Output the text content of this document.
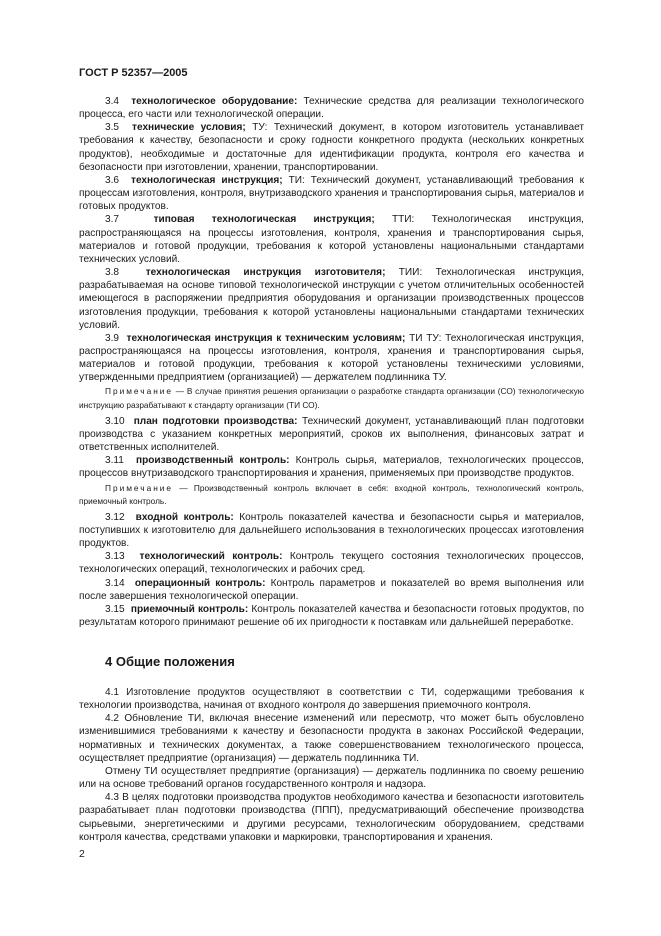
ГОСТ Р 52357—2005

3.4 технологическое оборудование: Технические средства для реализации технологического процесса, его части или технологической операции.

3.5 технические условия; ТУ: Технический документ, в котором изготовитель устанавливает требования к качеству, безопасности и сроку годности конкретного продукта (нескольких конкретных продуктов), необходимые и достаточные для идентификации продукта, контроля его качества и безопасности при изготовлении, хранении, транспортировании.

3.6 технологическая инструкция; ТИ: Технический документ, устанавливающий требования к процессам изготовления, контроля, внутризаводского хранения и транспортирования сырья, материалов и готовых продуктов.

3.7	типовая технологическая инструкция; ТТИ: Технологическая инструкция, распространяющаяся на процессы изготовления, контроля, хранения и транспортирования сырья, материалов и готовой продукции, требования к которой установлены национальными стандартами технических условий.

3.8	технологическая инструкция изготовителя; ТИИ: Технологическая инструкция, разрабатываемая на основе типовой технологической инструкции с учетом отличительных особенностей имеющегося в распоряжении предприятия оборудования и организации производственных процессов изготовления продукции, требования к которой установлены национальными стандартами технических условий.

3.9 технологическая инструкция к техническим условиям; ТИ ТУ: Технологическая инструкция, распространяющаяся на процессы изготовления, контроля, хранения и транспортирования сырья, материалов и готовой продукции, требования к которой установлены техническими условиями, утвержденными предприятием (организацией) — держателем подлинника ТУ.

Примечание — В случае принятия решения организации о разработке стандарта организации (СО) технологическую инструкцию разрабатывают к стандарту организации (ТИ СО).

3.10 план подготовки производства: Технический документ, устанавливающий план подготовки производства с указанием конкретных мероприятий, сроков их выполнения, финансовых затрат и ответственных исполнителей.

3.11 производственный контроль: Контроль сырья, материалов, технологических процессов, процессов внутризаводского транспортирования и хранения, применяемых при производстве продуктов.

Примечание — Производственный контроль включает в себя: входной контроль, технологический контроль, приемочный контроль.

3.12 входной контроль: Контроль показателей качества и безопасности сырья и материалов, поступивших к изготовителю для дальнейшего использования в технологических процессах изготовления продуктов.

3.13 технологический контроль: Контроль текущего состояния технологических процессов, технологических операций, технологических и рабочих сред.

3.14 операционный контроль: Контроль параметров и показателей во время выполнения или после завершения технологической операции.

3.15 приемочный контроль: Контроль показателей качества и безопасности готовых продуктов, по результатам которого принимают решение об их пригодности к поставкам или дальнейшей переработке.

4 Общие положения

4.1 Изготовление продуктов осуществляют в соответствии с ТИ, содержащими требования к технологии производства, начиная от входного контроля до завершения приемочного контроля.

4.2 Обновление ТИ, включая внесение изменений или пересмотр, что может быть обусловлено изменившимися требованиями к качеству и безопасности продукта в законах Российской Федерации, нормативных и технических документах, а также совершенствованием технологического процесса, осуществляет предприятие (организация) — держатель подлинника ТИ.

Отмену ТИ осуществляет предприятие (организация) — держатель подлинника по своему решению или на основе требований органов государственного контроля и надзора.

4.3 В целях подготовки производства продуктов необходимого качества и безопасности изготовитель разрабатывает план подготовки производства (ППП), предусматривающий обеспечение производства сырьевыми, энергетическими и другими ресурсами, технологическим оборудованием, средствами контроля качества, средствами упаковки и маркировки, транспортирования и хранения.

2
